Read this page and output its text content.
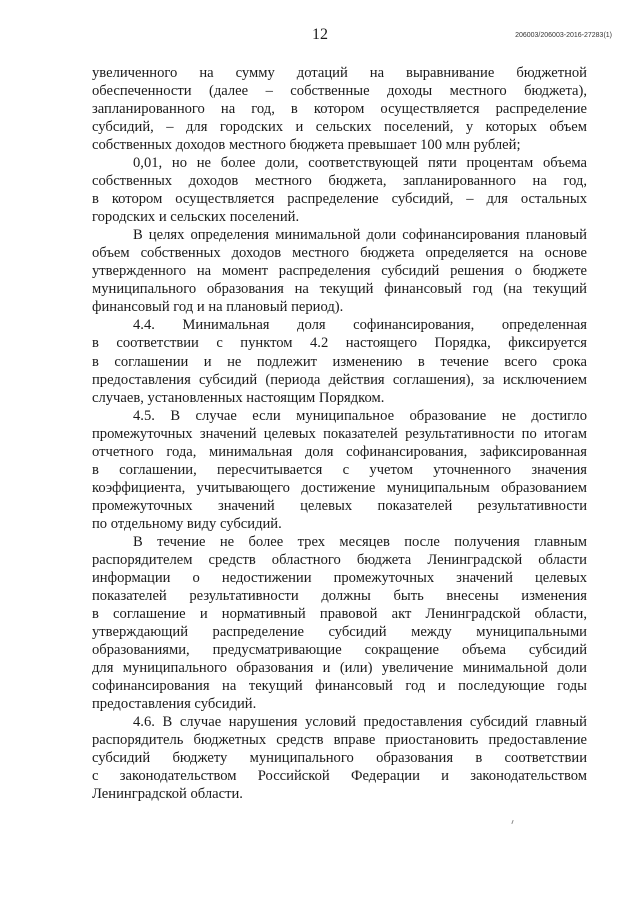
12	206003/206003-2016-27283(1)
увеличенного на сумму дотаций на выравнивание бюджетной
обеспеченности (далее – собственные доходы местного бюджета),
запланированного на год, в котором осуществляется распределение
субсидий, – для городских и сельских поселений, у которых объем
собственных доходов местного бюджета превышает 100 млн рублей;
0,01, но не более доли, соответствующей пяти процентам объема
собственных доходов местного бюджета, запланированного на год,
в котором осуществляется распределение субсидий, – для остальных
городских и сельских поселений.
В целях определения минимальной доли софинансирования плановый
объем собственных доходов местного бюджета определяется на основе
утвержденного на момент распределения субсидий решения о бюджете
муниципального образования на текущий финансовый год (на текущий
финансовый год и на плановый период).
4.4. Минимальная доля софинансирования, определенная
в соответствии с пунктом 4.2 настоящего Порядка, фиксируется
в соглашении и не подлежит изменению в течение всего срока
предоставления субсидий (периода действия соглашения), за исключением
случаев, установленных настоящим Порядком.
4.5. В случае если муниципальное образование не достигло
промежуточных значений целевых показателей результативности по итогам
отчетного года, минимальная доля софинансирования, зафиксированная
в соглашении, пересчитывается с учетом уточненного значения
коэффициента, учитывающего достижение муниципальным образованием
промежуточных значений целевых показателей результативности
по отдельному виду субсидий.
В течение не более трех месяцев после получения главным
распорядителем средств областного бюджета Ленинградской области
информации о недостижении промежуточных значений целевых
показателей результативности должны быть внесены изменения
в соглашение и нормативный правовой акт Ленинградской области,
утверждающий распределение субсидий между муниципальными
образованиями, предусматривающие сокращение объема субсидий
для муниципального образования и (или) увеличение минимальной доли
софинансирования на текущий финансовый год и последующие годы
предоставления субсидий.
4.6. В случае нарушения условий предоставления субсидий главный
распорядитель бюджетных средств вправе приостановить предоставление
субсидий бюджету муниципального образования в соответствии
с законодательством Российской Федерации и законодательством
Ленинградской области.
